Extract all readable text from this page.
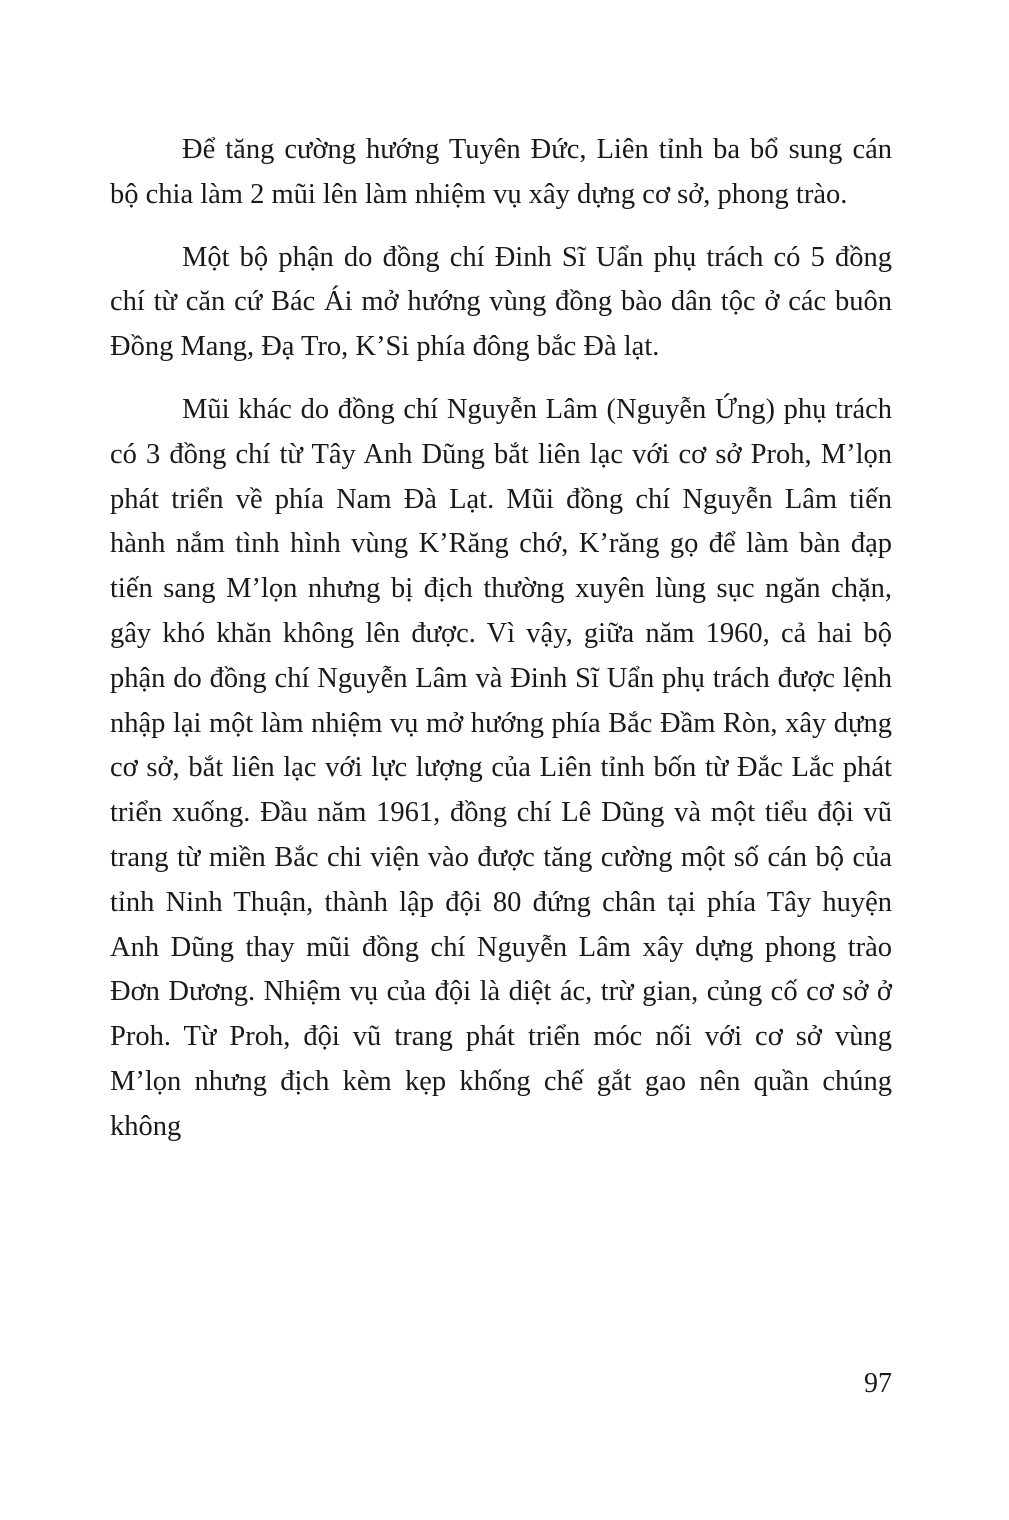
Để tăng cường hướng Tuyên Đức, Liên tỉnh ba bổ sung cán bộ chia làm 2 mũi lên làm nhiệm vụ xây dựng cơ sở, phong trào.

Một bộ phận do đồng chí Đinh Sĩ Uẩn phụ trách có 5 đồng chí từ căn cứ Bác Ái mở hướng vùng đồng bào dân tộc ở các buôn Đồng Mang, Đạ Tro, K’Si phía đông bắc Đà lạt.

Mũi khác do đồng chí Nguyễn Lâm (Nguyễn Ứng) phụ trách có 3 đồng chí từ Tây Anh Dũng bắt liên lạc với cơ sở Proh, M’lọn phát triển về phía Nam Đà Lạt. Mũi đồng chí Nguyễn Lâm tiến hành nắm tình hình vùng K’Răng chớ, K’răng gọ để làm bàn đạp tiến sang M’lọn nhưng bị địch thường xuyên lùng sục ngăn chặn, gây khó khăn không lên được. Vì vậy, giữa năm 1960, cả hai bộ phận do đồng chí Nguyễn Lâm và Đinh Sĩ Uẩn phụ trách được lệnh nhập lại một làm nhiệm vụ mở hướng phía Bắc Đầm Ròn, xây dựng cơ sở, bắt liên lạc với lực lượng của Liên tỉnh bốn từ Đắc Lắc phát triển xuống. Đầu năm 1961, đồng chí Lê Dũng và một tiểu đội vũ trang từ miền Bắc chi viện vào được tăng cường một số cán bộ của tỉnh Ninh Thuận, thành lập đội 80 đứng chân tại phía Tây huyện Anh Dũng thay mũi đồng chí Nguyễn Lâm xây dựng phong trào Đơn Dương. Nhiệm vụ của đội là diệt ác, trừ gian, củng cố cơ sở ở Proh. Từ Proh, đội vũ trang phát triển móc nối với cơ sở vùng M’lọn nhưng địch kèm kẹp khống chế gắt gao nên quần chúng không

97
